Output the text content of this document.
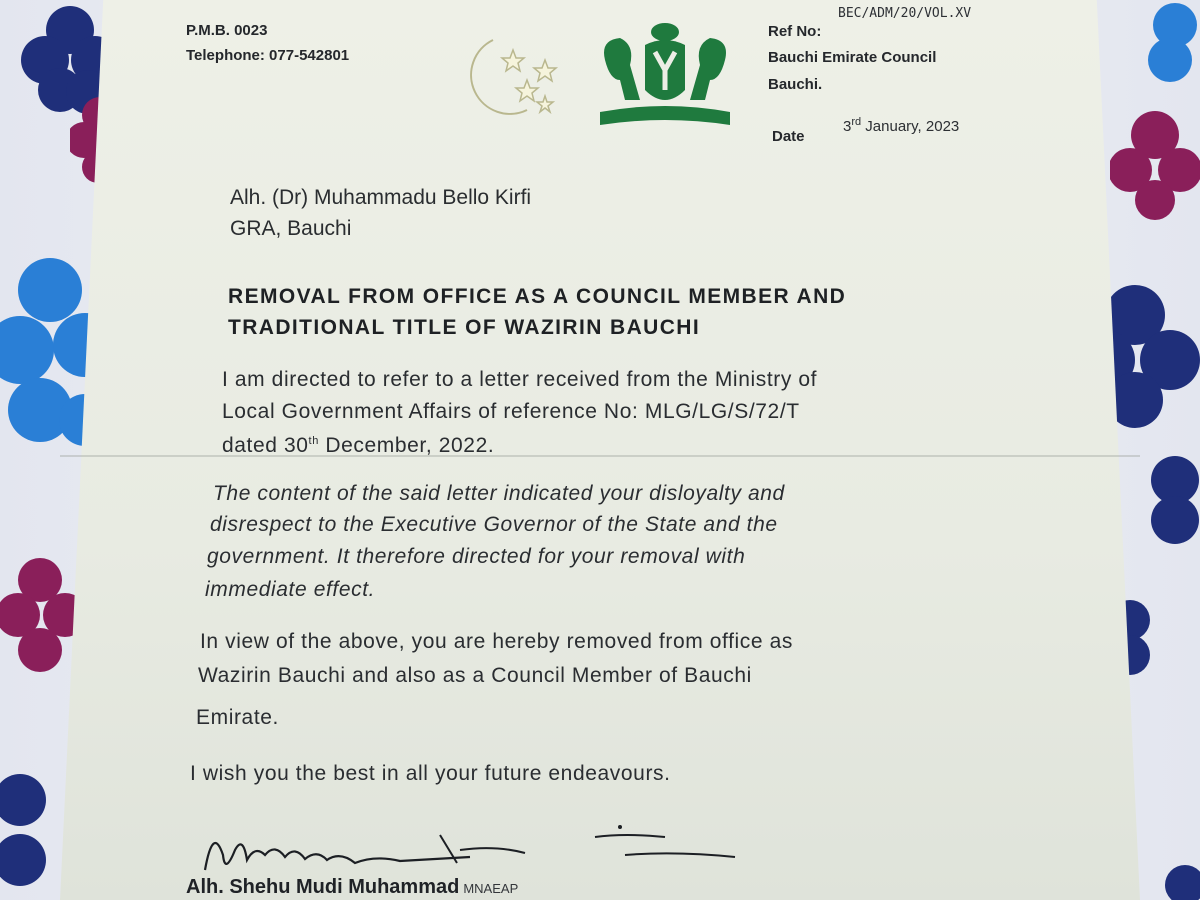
P.M.B. 0023
Telephone: 077-542801
BEC/ADM/20/VOL.XV
Ref No:
Bauchi Emirate Council
Bauchi.
Date
3rd January, 2023
Alh. (Dr) Muhammadu Bello Kirfi
GRA, Bauchi
REMOVAL FROM OFFICE AS A COUNCIL MEMBER AND
TRADITIONAL TITLE OF WAZIRIN BAUCHI
I am directed to refer to a letter received from the Ministry of
Local Government Affairs of reference No: MLG/LG/S/72/T
dated 30th December, 2022.
The content of the said letter indicated your disloyalty and
disrespect to the Executive Governor of the State and the
government. It therefore directed for your removal with
immediate effect.
In view of the above, you are hereby removed from office as
Wazirin Bauchi and also as a Council Member of Bauchi
Emirate.
I wish you the best in all your future endeavours.
Alh. Shehu Mudi Muhammad MNAEAP
